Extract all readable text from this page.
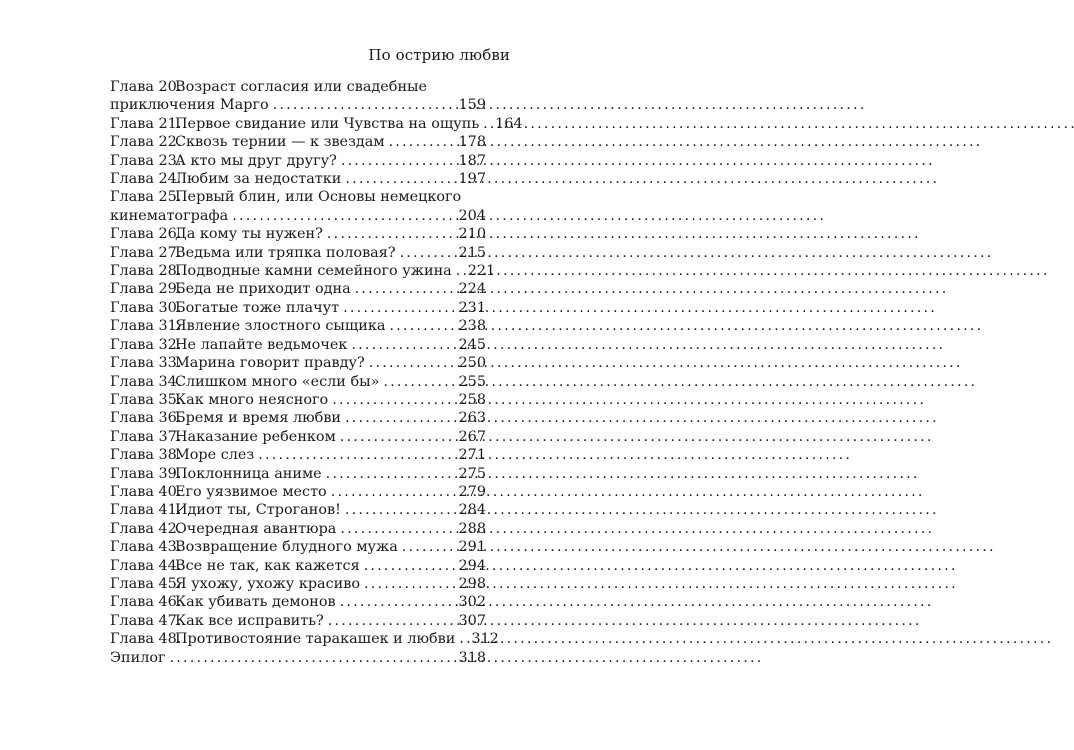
По острию любви
Глава 20.
Возраст согласия или свадебные
приключения Марго . . .	159
Глава 21.
Первое свидание или Чувства на ощупь . . . 164
Глава 22.
Сквозь тернии — к звездам . . .	178
Глава 23.
А кто мы друг другу? . . .	187
Глава 24.
Любим за недостатки . . .	197
Глава 25.
Первый блин, или Основы немецкого
кинематографа . . .	204
Глава 26.
Да кому ты нужен? . . .	210
Глава 27.
Ведьма или тряпка половая? . . .	215
Глава 28.
Подводные камни семейного ужина . . . 221
Глава 29.
Беда не приходит одна . . .	224
Глава 30.
Богатые тоже плачут . . .	231
Глава 31.
Явление злостного сыщика . . .	238
Глава 32.
Не лапайте ведьмочек . . .	245
Глава 33.
Марина говорит правду? . . .	250
Глава 34.
Слишком много «если бы» . . .	255
Глава 35.
Как много неясного . . .	258
Глава 36.
Бремя и время любви . . .	263
Глава 37.
Наказание ребенком . . .	267
Глава 38.
Море слез . . .	271
Глава 39.
Поклонница аниме . . .	275
Глава 40.
Его уязвимое место . . .	279
Глава 41.
Идиот ты, Строганов! . . .	284
Глава 42.
Очередная авантюра . . .	288
Глава 43.
Возвращение блудного мужа . . .	291
Глава 44.
Все не так, как кажется . . .	294
Глава 45.
Я ухожу, ухожу красиво . . .	298
Глава 46.
Как убивать демонов . . .	302
Глава 47.
Как все исправить? . . .	307
Глава 48.
Противостояние таракашек и любви . . . 312
Эпилог . . .	318
